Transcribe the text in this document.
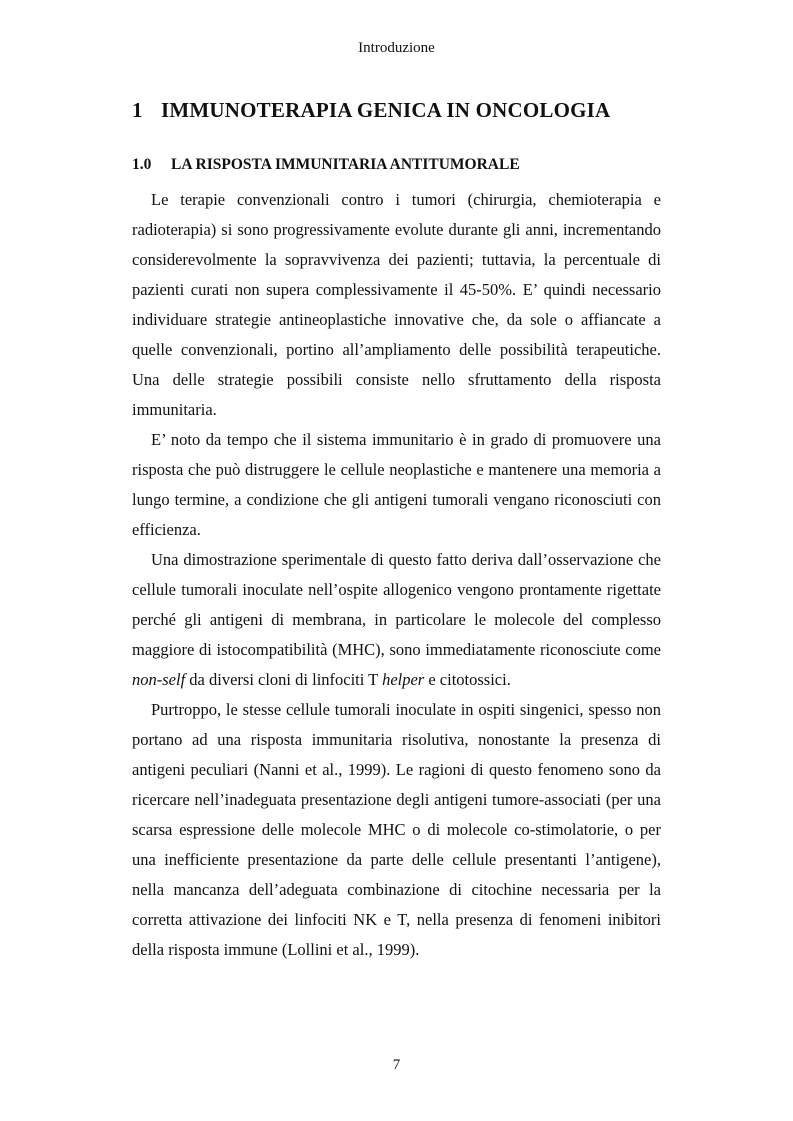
Introduzione
1 IMMUNOTERAPIA GENICA IN ONCOLOGIA
1.0 LA RISPOSTA IMMUNITARIA ANTITUMORALE

Le terapie convenzionali contro i tumori (chirurgia, chemioterapia e radioterapia) si sono progressivamente evolute durante gli anni, incrementando considerevolmente la sopravvivenza dei pazienti; tuttavia, la percentuale di pazienti curati non supera complessivamente il 45-50%. E’ quindi necessario individuare strategie antineoplastiche innovative che, da sole o affiancate a quelle convenzionali, portino all’ampliamento delle possibilità terapeutiche. Una delle strategie possibili consiste nello sfruttamento della risposta immunitaria.

E’ noto da tempo che il sistema immunitario è in grado di promuovere una risposta che può distruggere le cellule neoplastiche e mantenere una memoria a lungo termine, a condizione che gli antigeni tumorali vengano riconosciuti con efficienza.

Una dimostrazione sperimentale di questo fatto deriva dall’osservazione che cellule tumorali inoculate nell’ospite allogenico vengono prontamente rigettate perché gli antigeni di membrana, in particolare le molecole del complesso maggiore di istocompatibilità (MHC), sono immediatamente riconosciute come non-self da diversi cloni di linfociti T helper e citotossici.

Purtroppo, le stesse cellule tumorali inoculate in ospiti singenici, spesso non portano ad una risposta immunitaria risolutiva, nonostante la presenza di antigeni peculiari (Nanni et al., 1999). Le ragioni di questo fenomeno sono da ricercare nell’inadeguata presentazione degli antigeni tumore-associati (per una scarsa espressione delle molecole MHC o di molecole co-stimolatorie, o per una inefficiente presentazione da parte delle cellule presentanti l’antigene), nella mancanza dell’adeguata combinazione di citochine necessaria per la corretta attivazione dei linfociti NK e T, nella presenza di fenomeni inibitori della risposta immune (Lollini et al., 1999).

7
